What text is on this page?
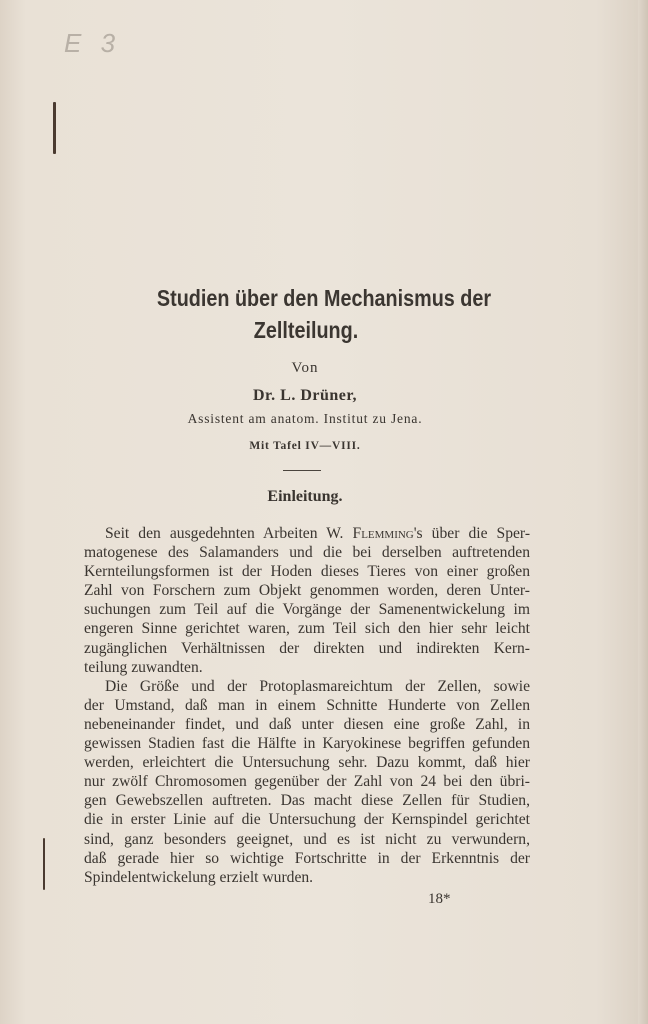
E 3
Studien über den Mechanismus der
Zellteilung.
Von
Dr. L. Drüner,
Assistent am anatom. Institut zu Jena.
Mit Tafel IV—VIII.
Einleitung.
Seit den ausgedehnten Arbeiten W. Flemming's über die Sper-
matogenese des Salamanders und die bei derselben auftretenden
Kernteilungsformen ist der Hoden dieses Tieres von einer großen
Zahl von Forschern zum Objekt genommen worden, deren Unter-
suchungen zum Teil auf die Vorgänge der Samenentwickelung im
engeren Sinne gerichtet waren, zum Teil sich den hier sehr leicht
zugänglichen Verhältnissen der direkten und indirekten Kern-
teilung zuwandten.
Die Größe und der Protoplasmareichtum der Zellen, sowie
der Umstand, daß man in einem Schnitte Hunderte von Zellen
nebeneinander findet, und daß unter diesen eine große Zahl, in
gewissen Stadien fast die Hälfte in Karyokinese begriffen gefunden
werden, erleichtert die Untersuchung sehr. Dazu kommt, daß hier
nur zwölf Chromosomen gegenüber der Zahl von 24 bei den übri-
gen Gewebszellen auftreten. Das macht diese Zellen für Studien,
die in erster Linie auf die Untersuchung der Kernspindel gerichtet
sind, ganz besonders geeignet, und es ist nicht zu verwundern,
daß gerade hier so wichtige Fortschritte in der Erkenntnis der
Spindelentwickelung erzielt wurden.
18*
